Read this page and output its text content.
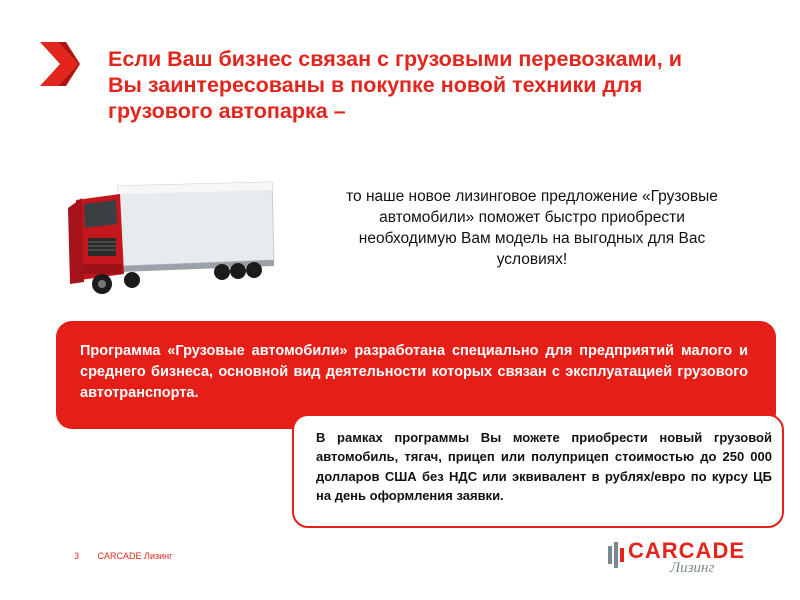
Если Ваш бизнес связан с грузовыми перевозками, и Вы заинтересованы в покупке новой техники для грузового автопарка –
то наше новое лизинговое предложение «Грузовые автомобили» поможет быстро приобрести необходимую Вам модель на выгодных для Вас условиях!
Программа «Грузовые автомобили» разработана специально для предприятий малого и среднего бизнеса, основной вид деятельности которых связан с эксплуатацией грузового автотранспорта.
В рамках программы Вы можете приобрести новый грузовой автомобиль, тягач, прицеп или полуприцеп стоимостью до 250 000 долларов США без НДС или эквивалент в рублях/евро по курсу ЦБ на день оформления заявки.
3 CARCADE Лизинг	CARCADE
Лизинг
